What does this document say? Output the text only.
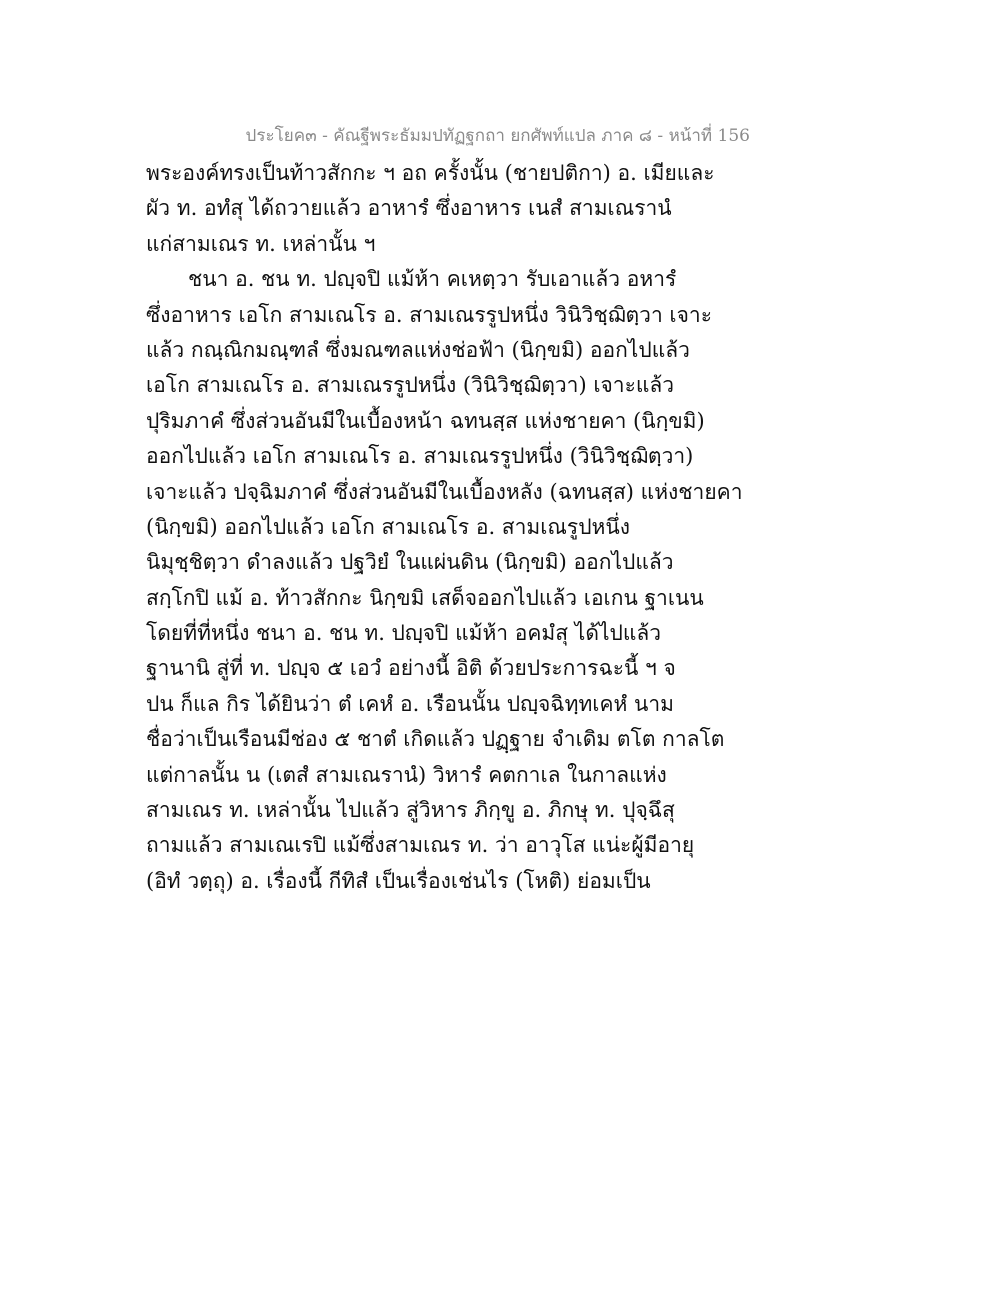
ประโยค๓ - คัณฐีพระธัมมปทัฏฐกถา ยกศัพท์แปล ภาค ๘ - หน้าที่ 156
พระองค์ทรงเป็นท้าวสักกะ ฯ อถ ครั้งนั้น (ชายปติกา) อ. เมียและ
ผัว ท. อทํสุ ได้ถวายแล้ว อาหารํ ซึ่งอาหาร เนสํ สามเณรานํ
แก่สามเณร ท. เหล่านั้น ฯ
ชนา อ. ชน ท. ปญฺจปิ แม้ห้า คเหตฺวา รับเอาแล้ว อหารํ
ซึ่งอาหาร เอโก สามเณโร อ. สามเณรรูปหนึ่ง วินิวิชฺฌิตฺวา เจาะ
แล้ว กณฺณิกมณฺฑลํ ซึ่งมณฑลแห่งช่อฟ้า (นิกฺขมิ) ออกไปแล้ว
เอโก สามเณโร อ. สามเณรรูปหนึ่ง (วินิวิชฺฌิตฺวา) เจาะแล้ว
ปุริมภาคํ ซึ่งส่วนอันมีในเบื้องหน้า ฉทนสฺส แห่งชายคา (นิกฺขมิ)
ออกไปแล้ว เอโก สามเณโร อ. สามเณรรูปหนึ่ง (วินิวิชฺฌิตฺวา)
เจาะแล้ว ปจฺฉิมภาคํ ซึ่งส่วนอันมีในเบื้องหลัง (ฉทนสฺส) แห่งชายคา
(นิกฺขมิ) ออกไปแล้ว เอโก สามเณโร อ. สามเณรูปหนึ่ง
นิมุชฺชิตฺวา ดำลงแล้ว ปฐวิยํ ในแผ่นดิน (นิกฺขมิ) ออกไปแล้ว
สกฺโกปิ แม้ อ. ท้าวสักกะ นิกฺขมิ เสด็จออกไปแล้ว เอเกน ฐาเนน
โดยที่ที่หนึ่ง ชนา อ. ชน ท. ปญฺจปิ แม้ห้า อคมํสุ ได้ไปแล้ว
ฐานานิ สู่ที่ ท. ปญฺจ ๕ เอวํ อย่างนี้ อิติ ด้วยประการฉะนี้ ฯ จ
ปน ก็แล กิร ได้ยินว่า ตํ เคหํ อ. เรือนนั้น ปญฺจฉิทฺทเคหํ นาม
ชื่อว่าเป็นเรือนมีช่อง ๕ ชาตํ เกิดแล้ว ปฏฺฐาย จำเดิม ตโต กาลโต
แต่กาลนั้น น (เตสํ สามเณรานํ) วิหารํ คตกาเล ในกาลแห่ง
สามเณร ท. เหล่านั้น ไปแล้ว สู่วิหาร ภิกฺขู อ. ภิกษุ ท. ปุจฺฉึสุ
ถามแล้ว สามเณเรปิ แม้ซึ่งสามเณร ท. ว่า อาวุโส แน่ะผู้มีอายุ
(อิทํ วตฺถุ) อ. เรื่องนี้ กีทิสํ เป็นเรื่องเช่นไร (โหติ) ย่อมเป็น
